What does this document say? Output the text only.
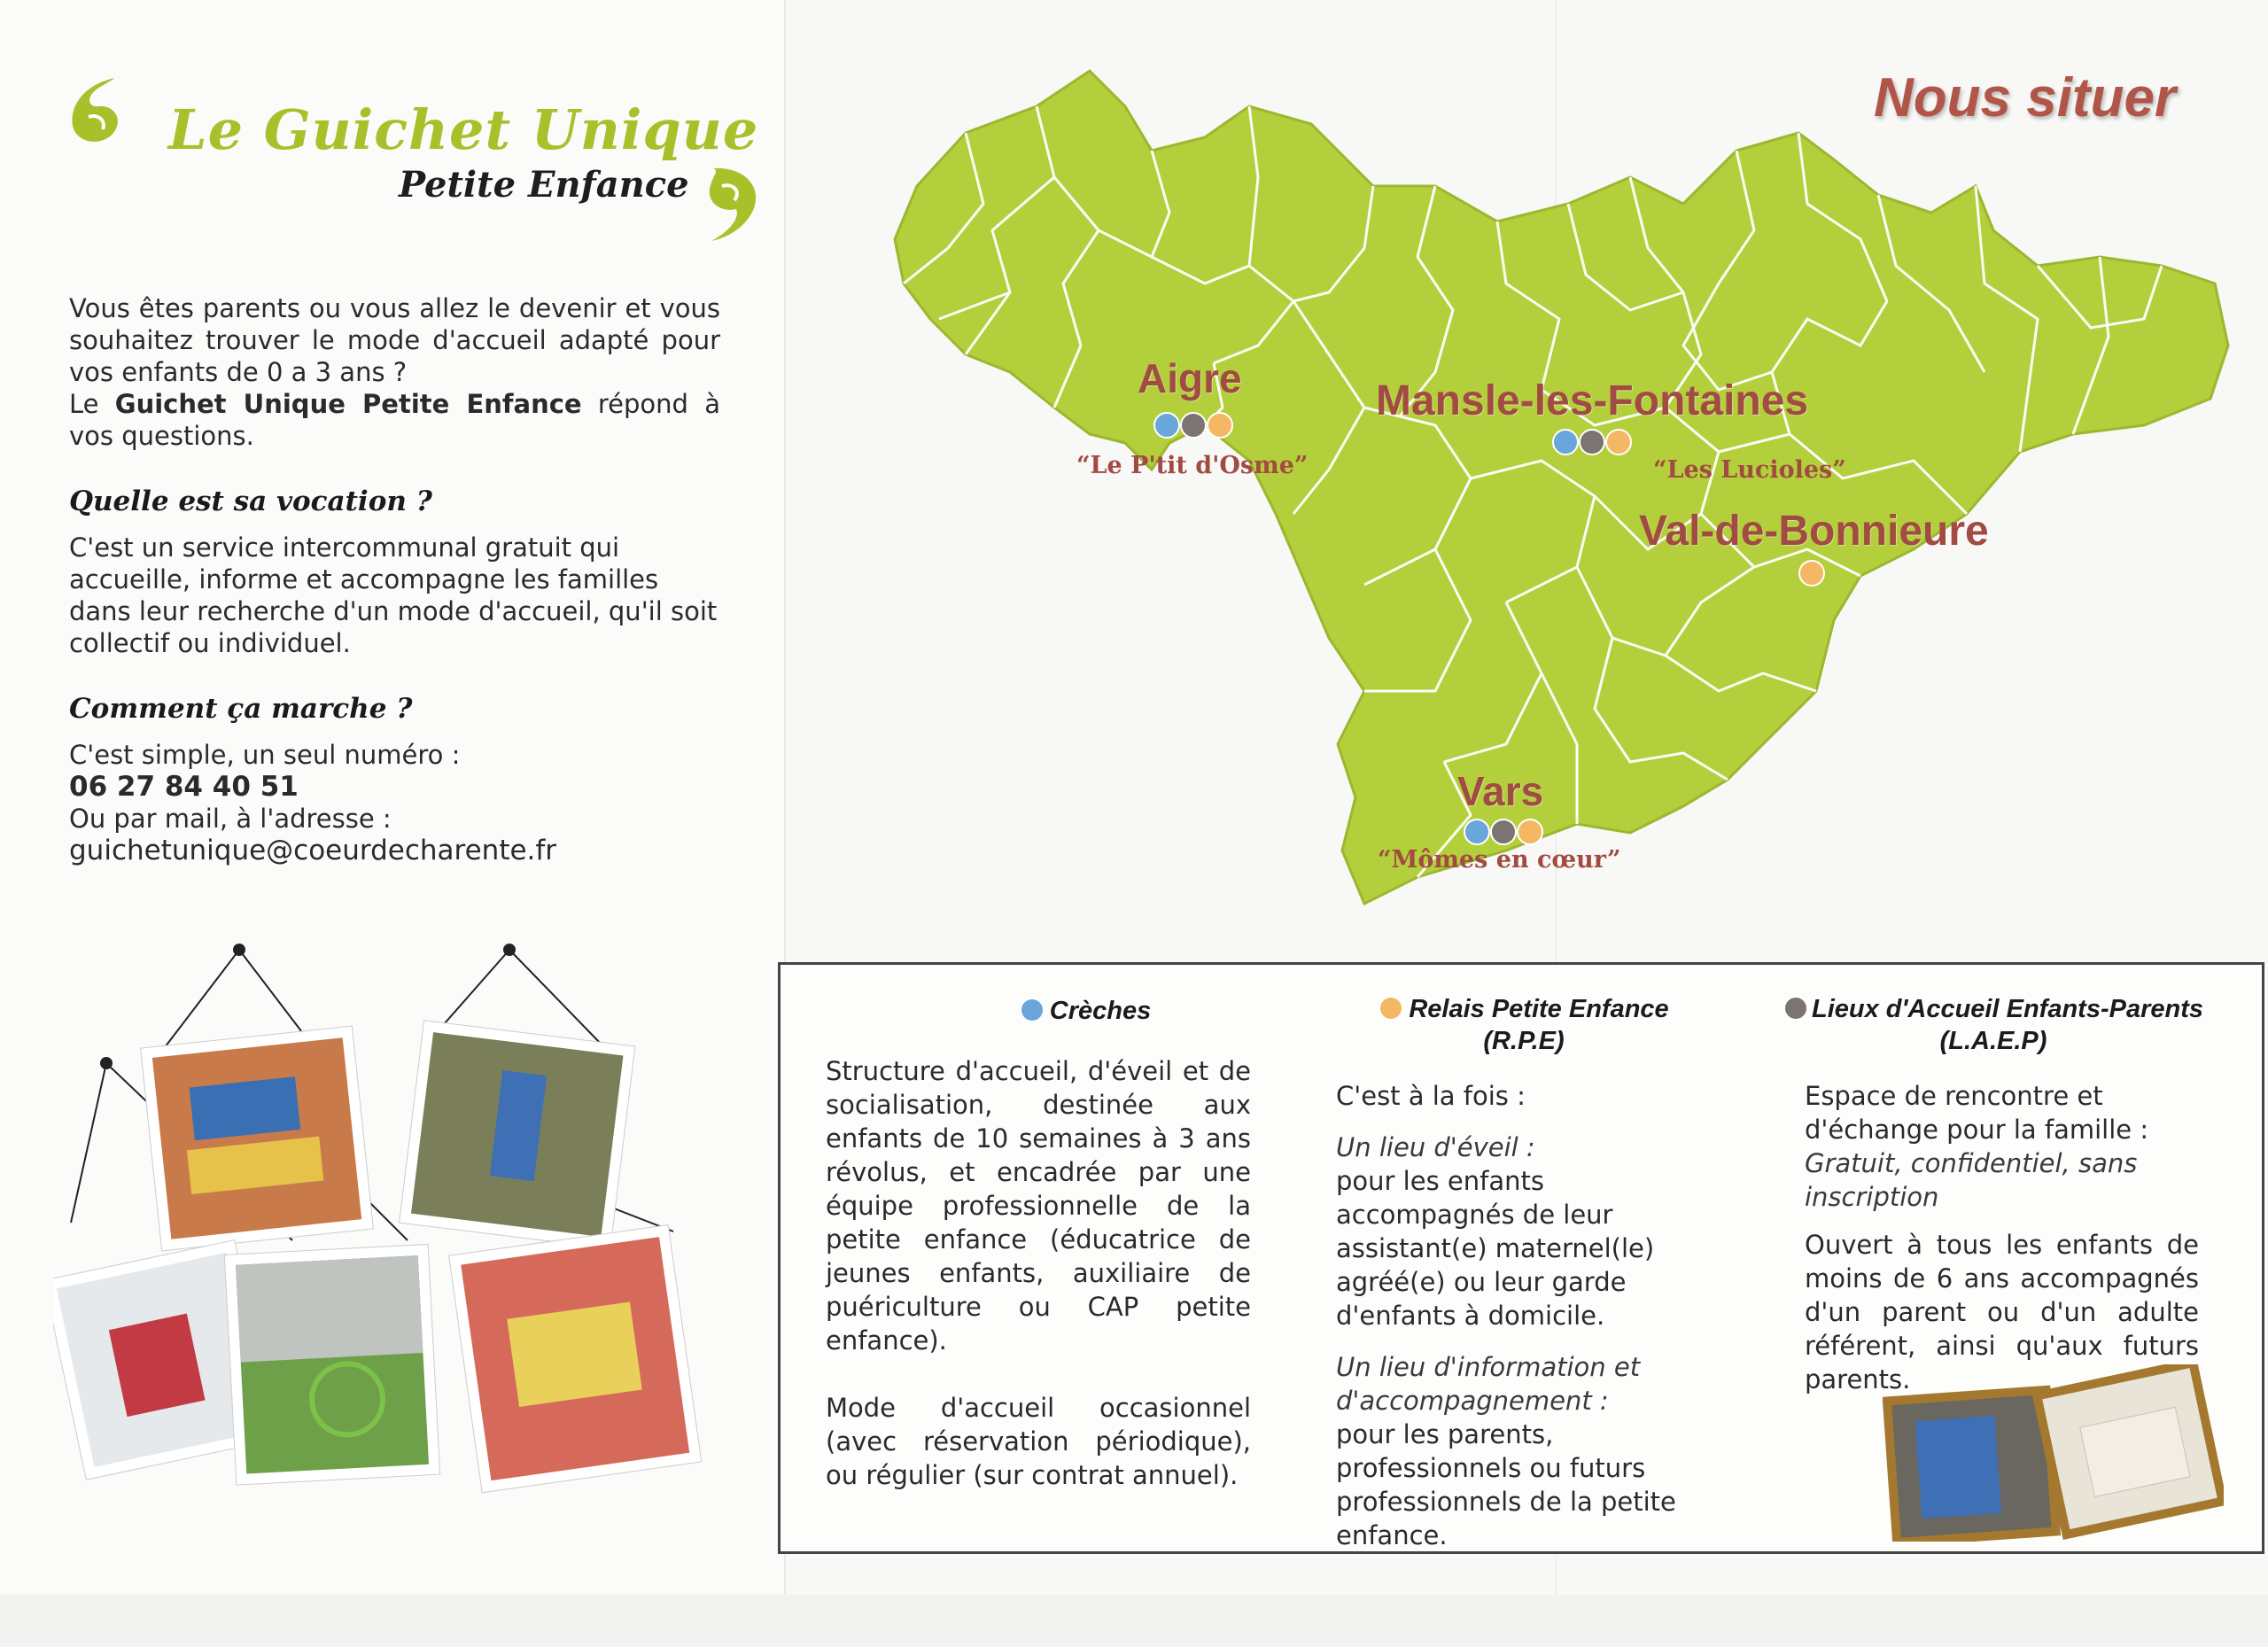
Le Guichet Unique
Petite Enfance

Vous êtes parents ou vous allez le devenir et vous souhaitez trouver le mode d'accueil adapté pour vos enfants de 0 a 3 ans ?

Le Guichet Unique Petite Enfance répond à vos questions.

Quelle est sa vocation ?
C'est un service intercommunal gratuit qui accueille, informe et accompagne les familles dans leur recherche d'un mode d'accueil, qu'il soit collectif ou individuel.
Comment ça marche ?
C'est simple, un seul numéro :
06 27 84 40 51
Ou par mail, à l'adresse :
guichetunique@coeurdecharente.fr
Nous situer
Aigre
“Le P'tit d'Osme”
Mansle-les-Fontaines
“Les Lucioles”
Val-de-Bonnieure
Vars
“Mômes en cœur”
Crèches

Structure d'accueil, d'éveil et de socialisation, destinée aux enfants de 10 semaines à 3 ans révolus, et encadrée par une équipe professionnelle de la petite enfance (éducatrice de jeunes enfants, auxiliaire de puériculture ou CAP petite enfance).

Mode d'accueil occasionnel (avec réservation périodique), ou régulier (sur contrat annuel).

Relais Petite Enfance
(R.P.E)

C'est à la fois :

Un lieu d'éveil :

pour les enfants accompagnés de leur assistant(e) maternel(le) agréé(e) ou leur garde d'enfants à domicile.

Un lieu d'information et d'accompagnement :

pour les parents, professionnels ou futurs professionnels de la petite enfance.

Lieux d'Accueil Enfants-Parents
(L.A.E.P)

Espace de rencontre et d'échange pour la famille :

Gratuit, confidentiel, sans inscription

Ouvert à tous les enfants de moins de 6 ans accompagnés d'un parent ou d'un adulte référent, ainsi qu'aux futurs parents.
